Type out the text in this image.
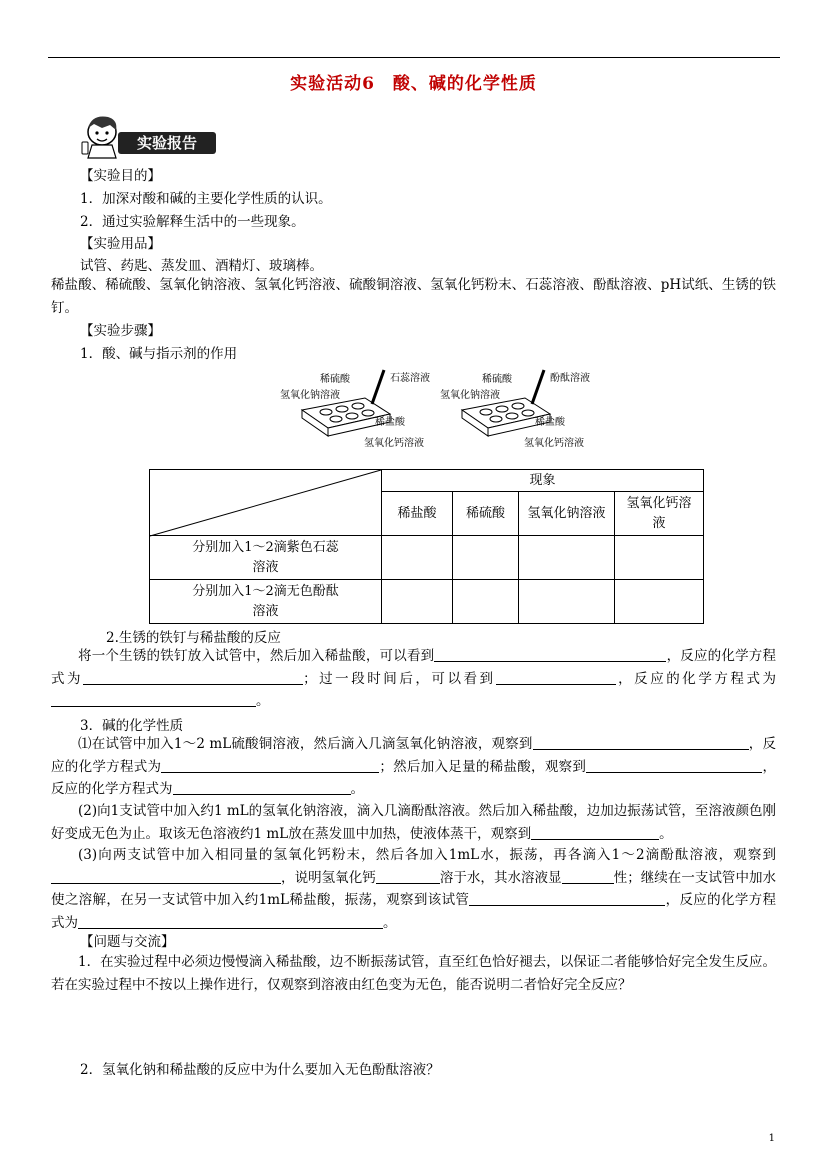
实验活动6　酸、碱的化学性质
实验报告
【实验目的】
1．加深对酸和碱的主要化学性质的认识。
2．通过实验解释生活中的一些现象。
【实验用品】
试管、药匙、蒸发皿、酒精灯、玻璃棒。
稀盐酸、稀硫酸、氢氧化钠溶液、氢氧化钙溶液、硫酸铜溶液、氢氧化钙粉末、石蕊溶液、酚酞溶液、pH试纸、生锈的铁钉。
【实验步骤】
1．酸、碱与指示剂的作用
稀硫酸	石蕊溶液
氢氧化钠溶液
稀盐酸
氢氧化钙溶液
稀硫酸	酚酞溶液
氢氧化钠溶液
稀盐酸
氢氧化钙溶液
	现象			
	稀盐酸	稀硫酸	氢氧化钠溶液	氢氧化钙溶液
分别加入1～2滴紫色石蕊溶液				
分别加入1～2滴无色酚酞溶液				
2.生锈的铁钉与稀盐酸的反应
将一个生锈的铁钉放入试管中，然后加入稀盐酸，可以看到	，反应的化学方程式为	；过一段时间后，可以看到	，反应的化学方程式为。
3．碱的化学性质
⑴在试管中加入1～2 mL硫酸铜溶液，然后滴入几滴氢氧化钠溶液，观察到	，反应的化学方程式为	；然后加入足量的稀盐酸，观察到	，反应的化学方程式为	。
(2)向1支试管中加入约1 mL的氢氧化钠溶液，滴入几滴酚酞溶液。然后加入稀盐酸，边加边振荡试管，至溶液颜色刚好变成无色为止。取该无色溶液约1 mL放在蒸发皿中加热，使液体蒸干，观察到	。
(3)向两支试管中加入相同量的氢氧化钙粉末，然后各加入1mL水，振荡，再各滴入1～2滴酚酞溶液，观察到，说明氢氧化钙	溶于水，其水溶液显	性；继续在一支试管中加水使之溶解，在另一支试管中加入约1mL稀盐酸，振荡，观察到该试管	，反应的化学方程式为	。
【问题与交流】
1．在实验过程中必须边慢慢滴入稀盐酸，边不断振荡试管，直至红色恰好褪去，以保证二者能够恰好完全发生反应。若在实验过程中不按以上操作进行，仅观察到溶液由红色变为无色，能否说明二者恰好完全反应？
2．氢氧化钠和稀盐酸的反应中为什么要加入无色酚酞溶液？
1
